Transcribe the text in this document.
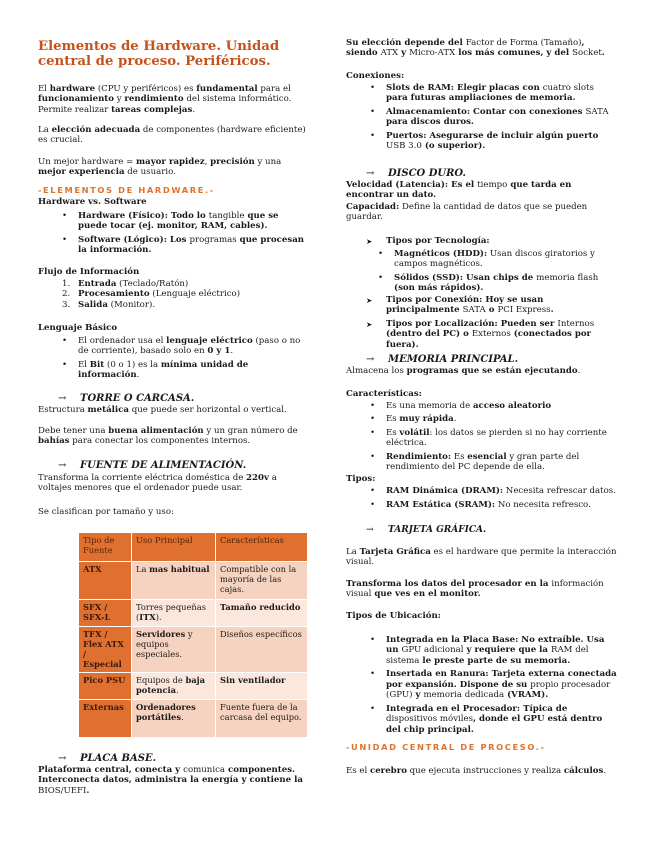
Elementos de Hardware. Unidad central de proceso. Periféricos.

El hardware (CPU y periféricos) es fundamental para el funcionamiento y rendimiento del sistema informático. Permite realizar tareas complejas.

La elección adecuada de componentes (hardware eficiente) es crucial.

Un mejor hardware = mayor rapidez, precisión y una mejor experiencia de usuario.

-ELEMENTOS DE HARDWARE.-
Hardware vs. Software
• Hardware (Físico): Todo lo tangible que se puede tocar (ej. monitor, RAM, cables).
• Software (Lógico): Los programas que procesan la información.
Flujo de Información
1. Entrada (Teclado/Ratón)
2. Procesamiento (Lenguaje eléctrico)
3. Salida (Monitor).
Lenguaje Básico
• El ordenador usa el lenguaje eléctrico (paso o no de corriente), basado solo en 0 y 1.
• El Bit (0 o 1) es la mínima unidad de información.
→ TORRE O CARCASA.

Estructura metálica que puede ser horizontal o vertical.

Debe tener una buena alimentación y un gran número de bahías para conectar los componentes internos.

→ FUENTE DE ALIMENTACIÓN.

Transforma la corriente eléctrica doméstica de 220v a voltajes menores que el ordenador puede usar.

Se clasifican por tamaño y uso:

Tipo de Fuente	Uso Principal	Características
ATX	La mas habitual	Compatible con la mayoría de las cajas.
SFX / SFX-L	Torres pequeñas (ITX).	Tamaño reducido
TFX / Flex ATX / Especial	Servidores y equipos especiales.	Diseños específicos
Pico PSU	Equipos de baja potencia.	Sin ventilador
Externas	Ordenadores portátiles.	Fuente fuera de la carcasa del equipo.
→ PLACA BASE.

Plataforma central, conecta y comunica componentes. Interconecta datos, administra la energía y contiene la BIOS/UEFI.

Su elección depende del Factor de Forma (Tamaño), siendo ATX y Micro-ATX los más comunes, y del Socket.

Conexiones:
• Slots de RAM: Elegir placas con cuatro slots para futuras ampliaciones de memoria.
• Almacenamiento: Contar con conexiones SATA para discos duros.
• Puertos: Asegurarse de incluir algún puerto USB 3.0 (o superior).
→ DISCO DURO.

Velocidad (Latencia): Es el tiempo que tarda en encontrar un dato.

Capacidad: Define la cantidad de datos que se pueden guardar.

➤ Tipos por Tecnología:
• Magnéticos (HDD): Usan discos giratorios y campos magnéticos.
• Sólidos (SSD): Usan chips de memoria flash (son más rápidos).
➤ Tipos por Conexión: Hoy se usan principalmente SATA o PCI Express.
➤ Tipos por Localización: Pueden ser Internos (dentro del PC) o Externos (conectados por fuera).
→ MEMORIA PRINCIPAL.

Almacena los programas que se están ejecutando.

Características:
• Es una memoria de acceso aleatorio
• Es muy rápida.
• Es volátil: los datos se pierden si no hay corriente eléctrica.
• Rendimiento: Es esencial y gran parte del rendimiento del PC depende de ella.
Tipos:
• RAM Dinámica (DRAM): Necesita refrescar datos.
• RAM Estática (SRAM): No necesita refresco.
→ TARJETA GRÁFICA.

La Tarjeta Gráfica es el hardware que permite la interacción visual.

Transforma los datos del procesador en la información visual que ves en el monitor.

Tipos de Ubicación:
• Integrada en la Placa Base: No extraíble. Usa un GPU adicional y requiere que la RAM del sistema le preste parte de su memoria.
• Insertada en Ranura: Tarjeta externa conectada por expansión. Dispone de su propio procesador (GPU) y memoria dedicada (VRAM).
• Integrada en el Procesador: Típica de dispositivos móviles, donde el GPU está dentro del chip principal.
-UNIDAD CENTRAL DE PROCESO.-

Es el cerebro que ejecuta instrucciones y realiza cálculos.
